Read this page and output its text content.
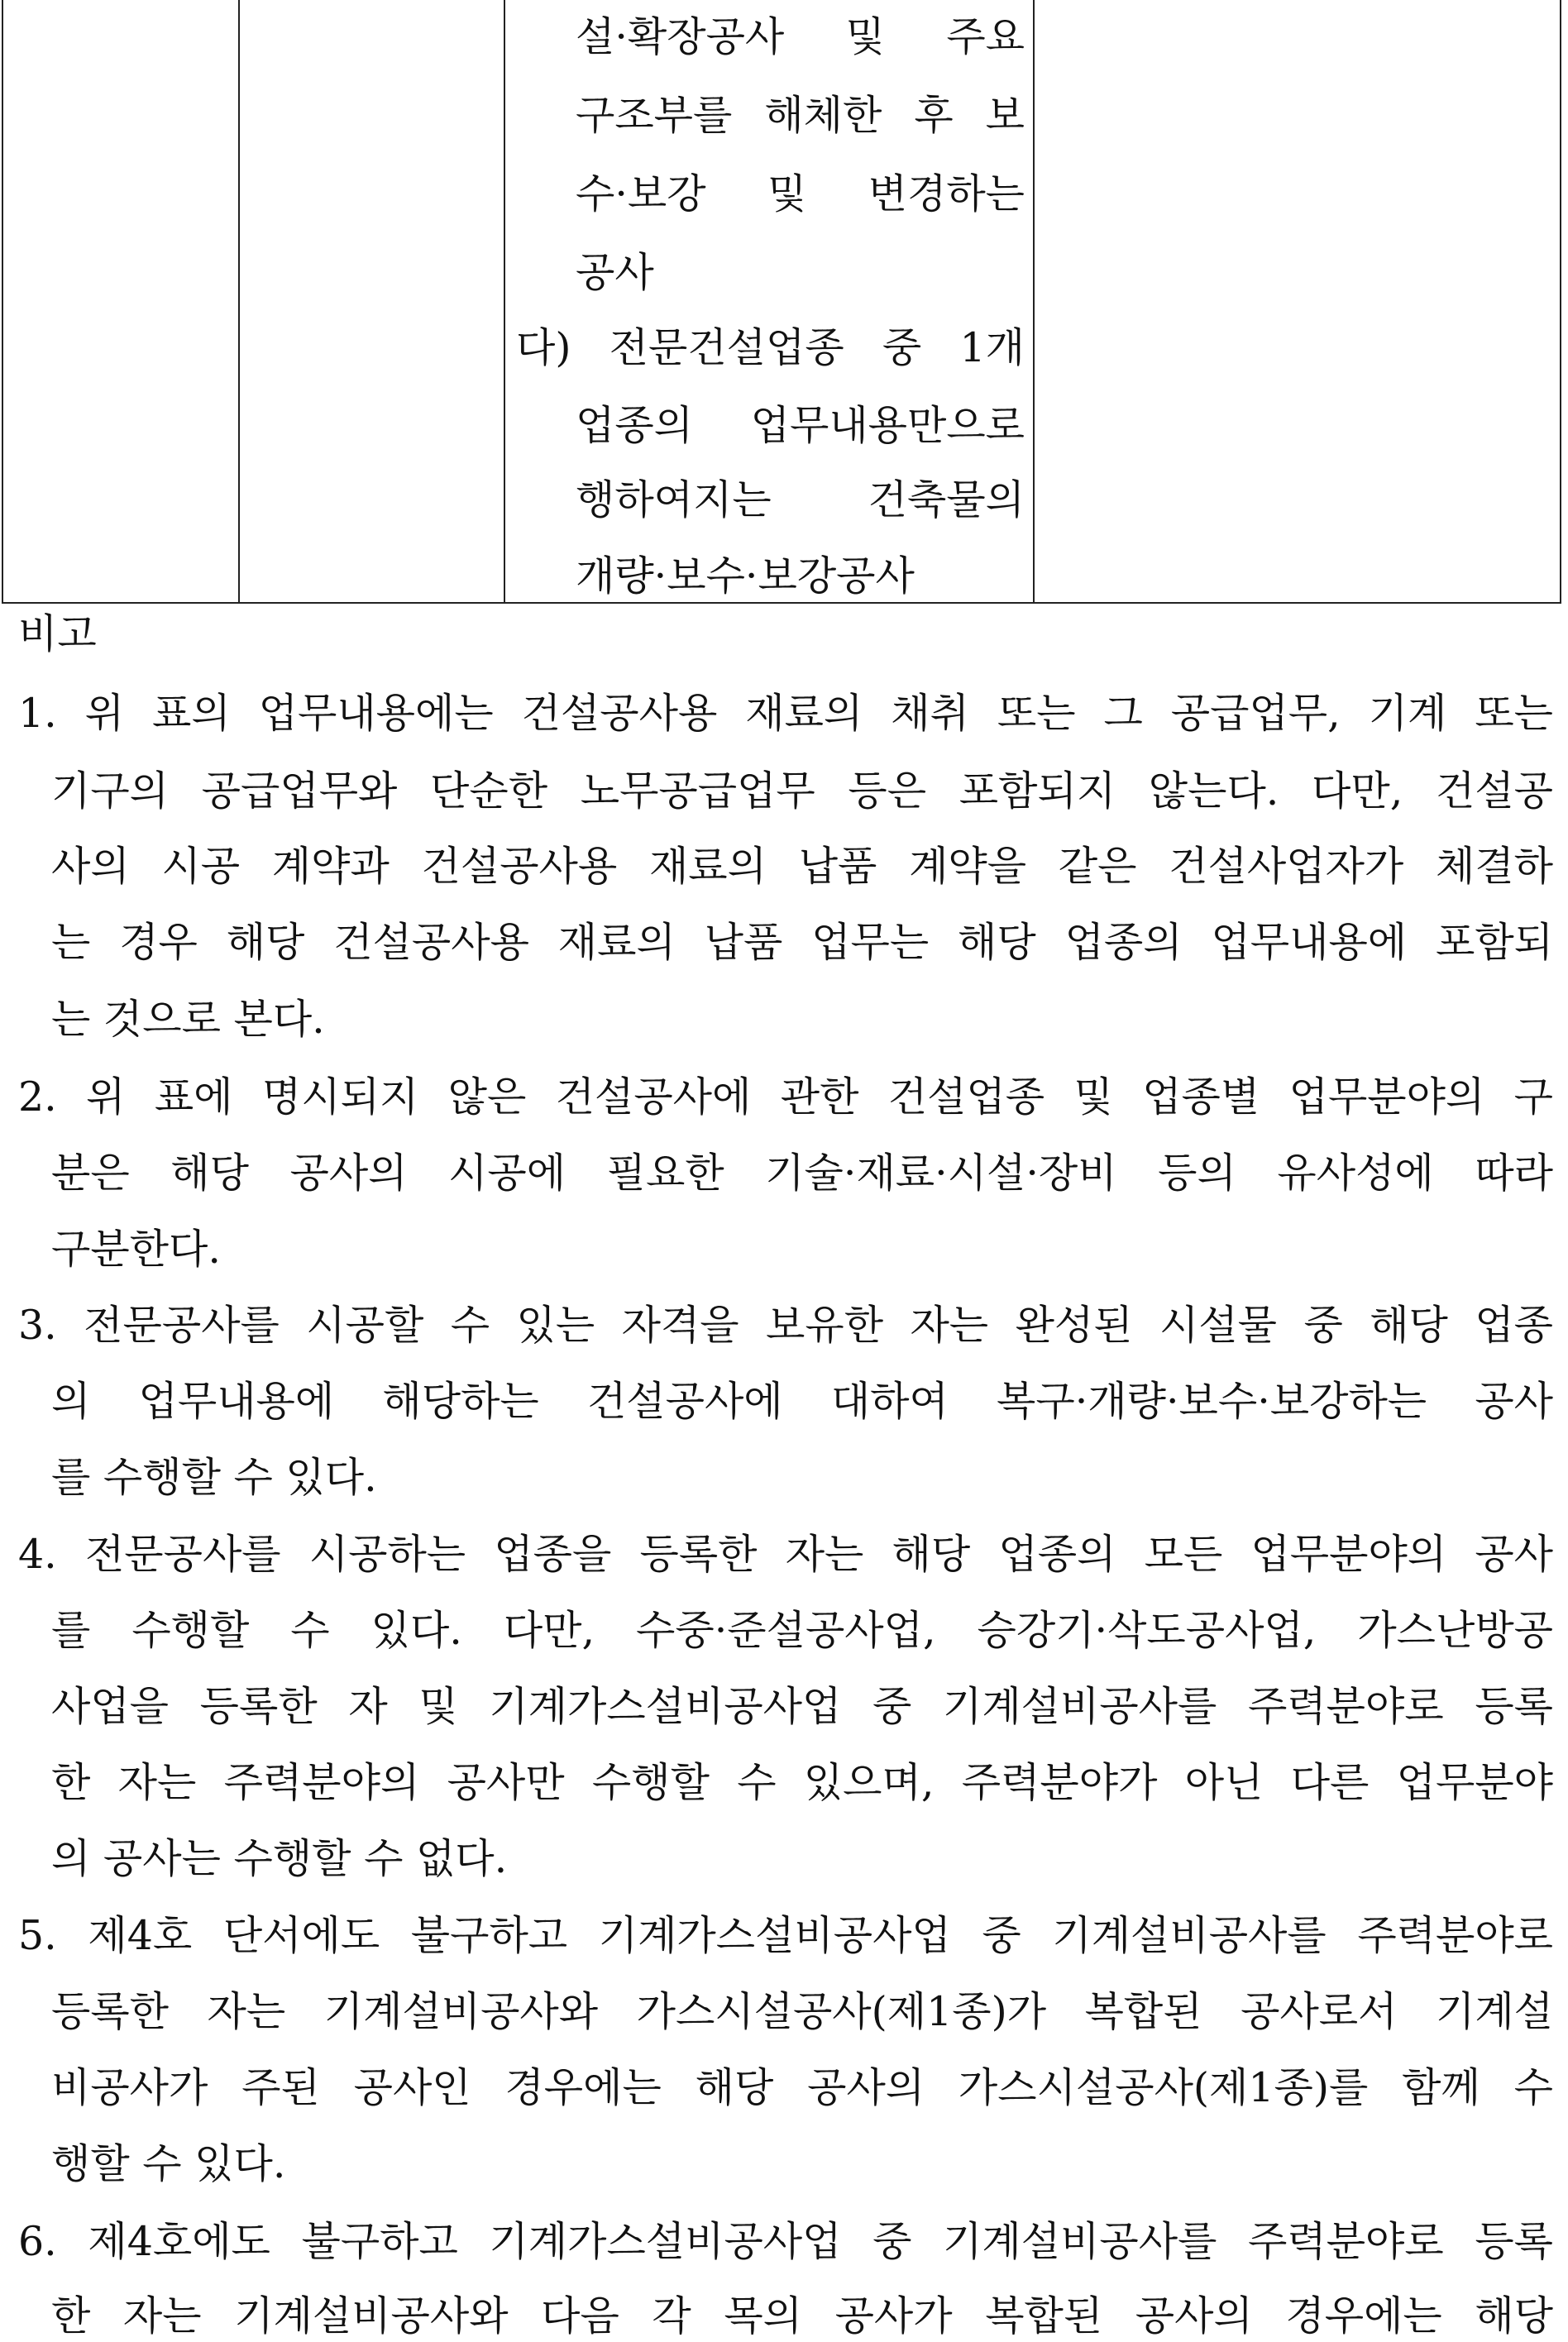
설·확장공사 및 주요
구조부를 해체한 후 보
수·보강 및 변경하는
공사
다) 전문건설업종 중 1개
업종의 업무내용만으로
행하여지는 건축물의
개량·보수·보강공사
비고
1. 위 표의 업무내용에는 건설공사용 재료의 채취 또는 그 공급업무, 기계 또는
기구의 공급업무와 단순한 노무공급업무 등은 포함되지 않는다. 다만, 건설공
사의 시공 계약과 건설공사용 재료의 납품 계약을 같은 건설사업자가 체결하
는 경우 해당 건설공사용 재료의 납품 업무는 해당 업종의 업무내용에 포함되
는 것으로 본다.
2. 위 표에 명시되지 않은 건설공사에 관한 건설업종 및 업종별 업무분야의 구
분은 해당 공사의 시공에 필요한 기술·재료·시설·장비 등의 유사성에 따라
구분한다.
3. 전문공사를 시공할 수 있는 자격을 보유한 자는 완성된 시설물 중 해당 업종
의 업무내용에 해당하는 건설공사에 대하여 복구·개량·보수·보강하는 공사
를 수행할 수 있다.
4. 전문공사를 시공하는 업종을 등록한 자는 해당 업종의 모든 업무분야의 공사
를 수행할 수 있다. 다만, 수중·준설공사업, 승강기·삭도공사업, 가스난방공
사업을 등록한 자 및 기계가스설비공사업 중 기계설비공사를 주력분야로 등록
한 자는 주력분야의 공사만 수행할 수 있으며, 주력분야가 아닌 다른 업무분야
의 공사는 수행할 수 없다.
5. 제4호 단서에도 불구하고 기계가스설비공사업 중 기계설비공사를 주력분야로
등록한 자는 기계설비공사와 가스시설공사(제1종)가 복합된 공사로서 기계설
비공사가 주된 공사인 경우에는 해당 공사의 가스시설공사(제1종)를 함께 수
행할 수 있다.
6. 제4호에도 불구하고 기계가스설비공사업 중 기계설비공사를 주력분야로 등록
한 자는 기계설비공사와 다음 각 목의 공사가 복합된 공사의 경우에는 해당
